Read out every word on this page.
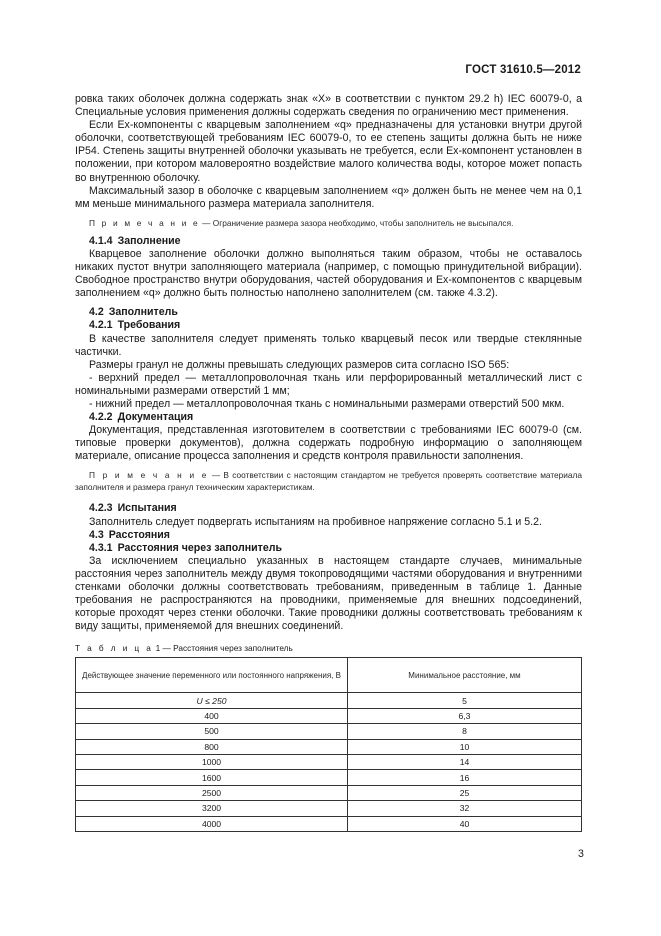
ГОСТ 31610.5—2012

ровка таких оболочек должна содержать знак «X» в соответствии с пунктом 29.2 h) IEC 60079-0, а Специальные условия применения должны содержать сведения по ограничению мест применения.

Если Ех-компоненты с кварцевым заполнением «q» предназначены для установки внутри другой оболочки, соответствующей требованиям IEC 60079-0, то ее степень защиты должна быть не ниже IP54. Степень защиты внутренней оболочки указывать не требуется, если Ех-компонент установлен в положении, при котором маловероятно воздействие малого количества воды, которое может попасть во внутреннюю оболочку.

Максимальный зазор в оболочке с кварцевым заполнением «q» должен быть не менее чем на 0,1 мм меньше минимального размера материала заполнителя.

П р и м е ч а н и е — Ограничение размера зазора необходимо, чтобы заполнитель не высыпался.

4.1.4 Заполнение

Кварцевое заполнение оболочки должно выполняться таким образом, чтобы не оставалось никаких пустот внутри заполняющего материала (например, с помощью принудительной вибрации). Свободное пространство внутри оборудования, частей оборудования и Ех-компонентов с кварцевым заполнением «q» должно быть полностью наполнено заполнителем (см. также 4.3.2).

4.2 Заполнитель
4.2.1 Требования

В качестве заполнителя следует применять только кварцевый песок или твердые стеклянные частички.

Размеры гранул не должны превышать следующих размеров сита согласно ISO 565:

- верхний предел — металлопроволочная ткань или перфорированный металлический лист с номинальными размерами отверстий 1 мм;

- нижний предел — металлопроволочная ткань с номинальными размерами отверстий 500 мкм.

4.2.2 Документация

Документация, представленная изготовителем в соответствии с требованиями IEC 60079-0 (см. типовые проверки документов), должна содержать подробную информацию о заполняющем материале, описание процесса заполнения и средств контроля правильности заполнения.

П р и м е ч а н и е — В соответствии с настоящим стандартом не требуется проверять соответствие материала заполнителя и размера гранул техническим характеристикам.

4.2.3 Испытания

Заполнитель следует подвергать испытаниям на пробивное напряжение согласно 5.1 и 5.2.

4.3 Расстояния
4.3.1 Расстояния через заполнитель

За исключением специально указанных в настоящем стандарте случаев, минимальные расстояния через заполнитель между двумя токопроводящими частями оборудования и внутренними стенками оболочки должны соответствовать требованиям, приведенным в таблице 1. Данные требования не распространяются на проводники, применяемые для внешних подсоединений, которые проходят через стенки оболочки. Такие проводники должны соответствовать требованиям к виду защиты, применяемой для внешних соединений.

Т а б л и ц а 1 — Расстояния через заполнитель
Действующее значение переменного или постоянного напряжения, В	Минимальное расстояние, мм
U ≤ 250	5
400	6,3
500	8
800	10
1000	14
1600	16
2500	25
3200	32
4000	40
3
